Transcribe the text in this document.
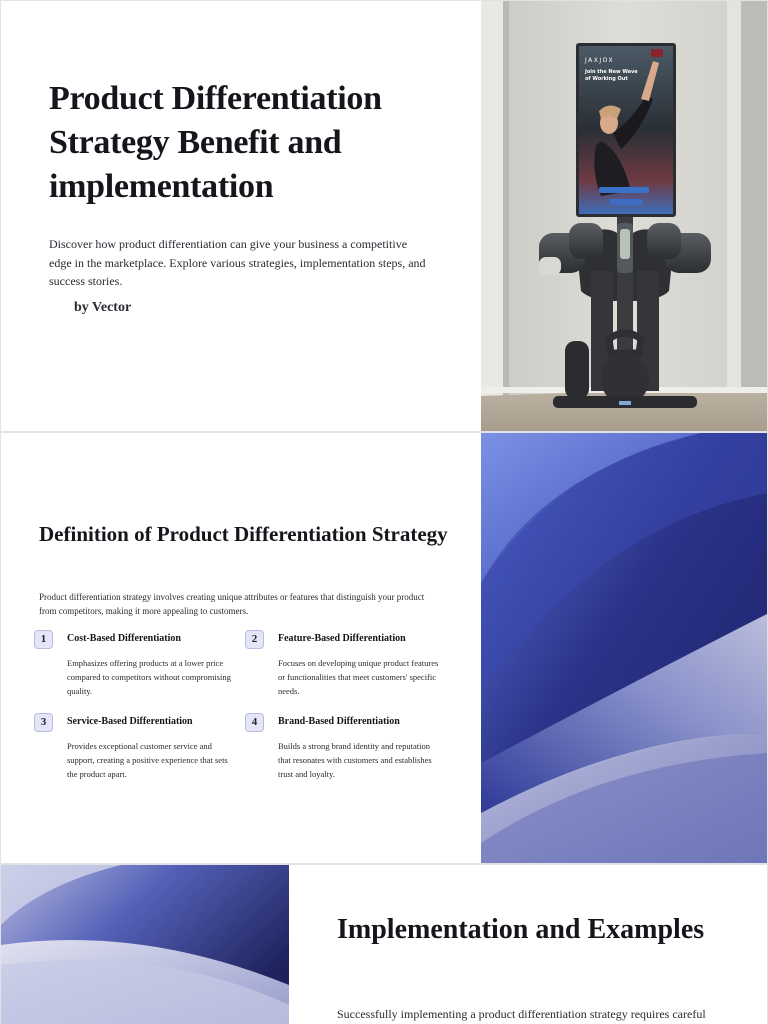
Product Differentiation Strategy Benefit and implementation

Discover how product differentiation can give your business a competitive edge in the marketplace. Explore various strategies, implementation steps, and success stories.

by Vector
JAXJOX
Join the New Wave
of Working Out
Definition of Product Differentiation Strategy

Product differentiation strategy involves creating unique attributes or features that distinguish your product from competitors, making it more appealing to customers.

1	Cost-Based Differentiation
Emphasizes offering products at a lower price compared to competitors without compromising quality.
2	Feature-Based Differentiation
Focuses on developing unique product features or functionalities that meet customers' specific needs.
3	Service-Based Differentiation
Provides exceptional customer service and support, creating a positive experience that sets the product apart.
4	Brand-Based Differentiation
Builds a strong brand identity and reputation that resonates with customers and establishes trust and loyalty.
Implementation and Examples

Successfully implementing a product differentiation strategy requires careful
